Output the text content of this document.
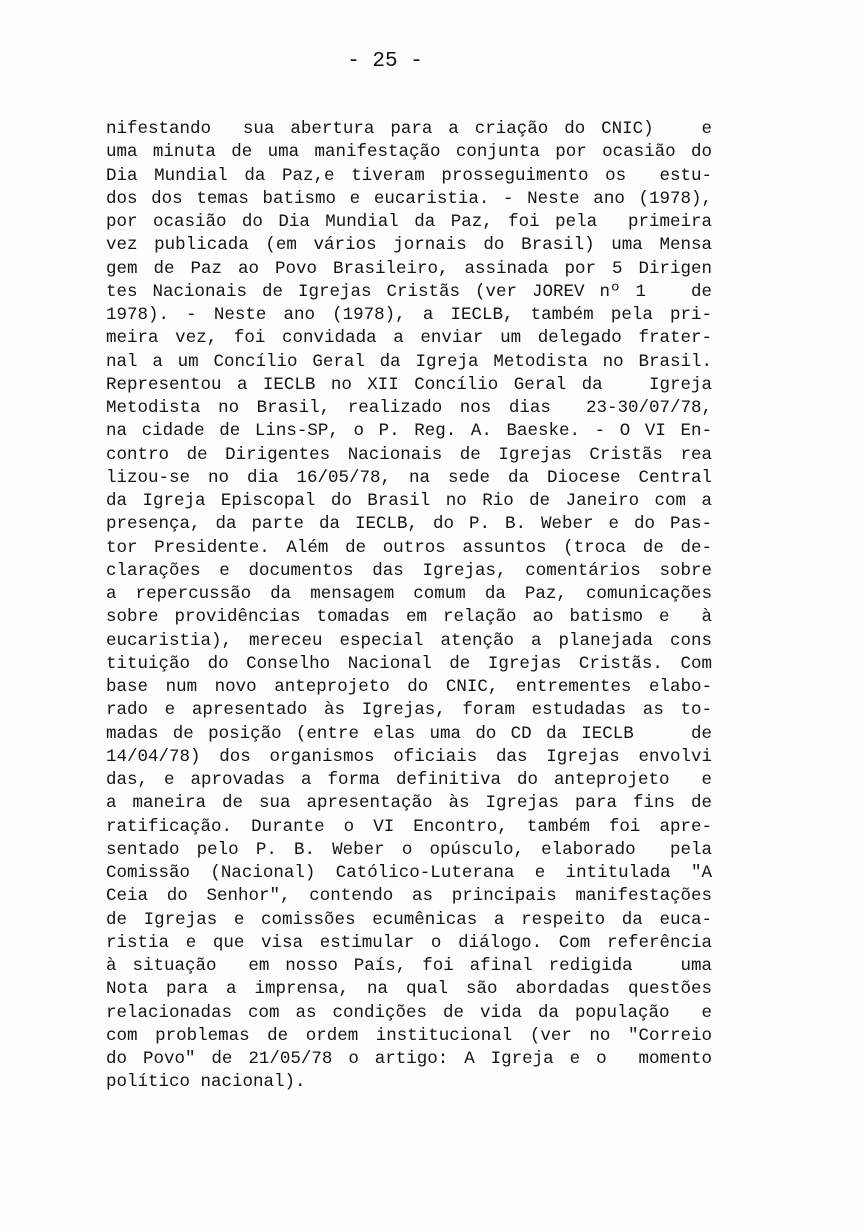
- 25 -
nifestando  sua abertura para a criação do CNIC)   e
uma minuta de uma manifestação conjunta por ocasião do
Dia Mundial da Paz,e tiveram prosseguimento os  estu-
dos dos temas batismo e eucaristia. - Neste ano (1978),
por ocasião do Dia Mundial da Paz, foi pela  primeira
vez publicada (em vários jornais do Brasil) uma Mensa
gem de Paz ao Povo Brasileiro, assinada por 5 Dirigen
tes Nacionais de Igrejas Cristãs (ver JOREV nº 1   de
1978). - Neste ano (1978), a IECLB, também pela pri-
meira vez, foi convidada a enviar um delegado frater-
nal a um Concílio Geral da Igreja Metodista no Brasil.
Representou a IECLB no XII Concílio Geral da   Igreja
Metodista no Brasil, realizado nos dias  23-30/07/78,
na cidade de Lins-SP, o P. Reg. A. Baeske. - O VI En-
contro de Dirigentes Nacionais de Igrejas Cristãs rea
lizou-se no dia 16/05/78, na sede da Diocese Central
da Igreja Episcopal do Brasil no Rio de Janeiro com a
presença, da parte da IECLB, do P. B. Weber e do Pas-
tor Presidente. Além de outros assuntos (troca de de-
clarações e documentos das Igrejas, comentários sobre
a repercussão da mensagem comum da Paz, comunicações
sobre providências tomadas em relação ao batismo e  à
eucaristia), mereceu especial atenção a planejada cons
tituição do Conselho Nacional de Igrejas Cristãs. Com
base num novo anteprojeto do CNIC, entrementes elabo-
rado e apresentado às Igrejas, foram estudadas as to-
madas de posição (entre elas uma do CD da IECLB    de
14/04/78) dos organismos oficiais das Igrejas envolvi
das, e aprovadas a forma definitiva do anteprojeto  e
a maneira de sua apresentação às Igrejas para fins de
ratificação. Durante o VI Encontro, também foi apre-
sentado pelo P. B. Weber o opúsculo, elaborado  pela
Comissão (Nacional) Católico-Luterana e intitulada "A
Ceia do Senhor", contendo as principais manifestações
de Igrejas e comissões ecumênicas a respeito da euca-
ristia e que visa estimular o diálogo. Com referência
à situação  em nosso País, foi afinal redigida   uma
Nota para a imprensa, na qual são abordadas questões
relacionadas com as condições de vida da população  e
com problemas de ordem institucional (ver no "Correio
do Povo" de 21/05/78 o artigo: A Igreja e o  momento
político nacional).
